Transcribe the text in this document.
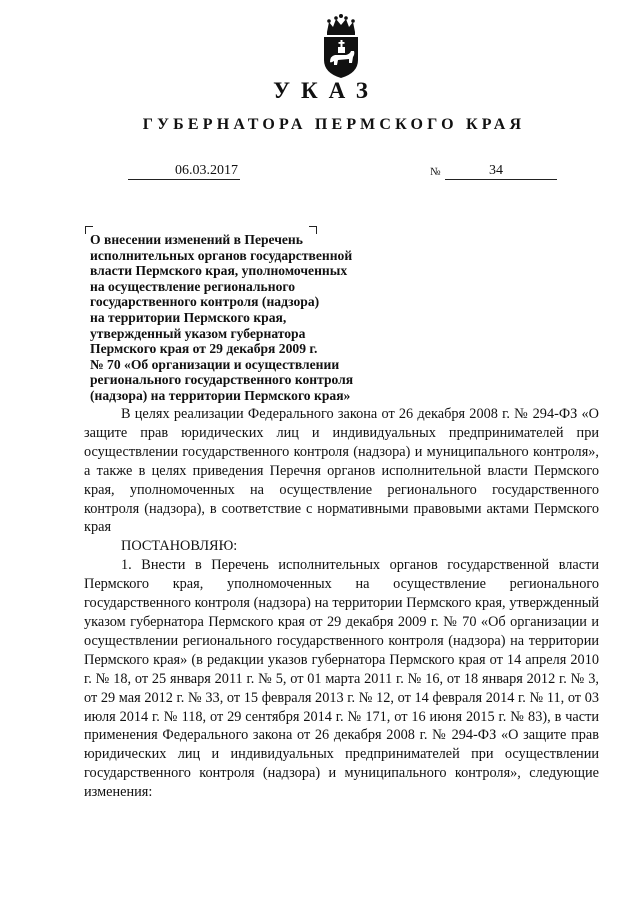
УКАЗ
ГУБЕРНАТОРА ПЕРМСКОГО КРАЯ
06.03.2017	№	34
О внесении изменений в Перечень
исполнительных органов государственной
власти Пермского края, уполномоченных
на осуществление регионального
государственного контроля (надзора)
на территории Пермского края,
утвержденный указом губернатора
Пермского края от 29 декабря 2009 г.
№ 70 «Об организации и осуществлении
регионального государственного контроля
(надзора) на территории Пермского края»

В целях реализации Федерального закона от 26 декабря 2008 г. № 294-ФЗ «О защите прав юридических лиц и индивидуальных предпринимателей при осуществлении государственного контроля (надзора) и муниципального контроля», а также в целях приведения Перечня органов исполнительной власти Пермского края, уполномоченных на осуществление регионального государственного контроля (надзора), в соответствие с нормативными правовыми актами Пермского края

ПОСТАНОВЛЯЮ:

1. Внести в Перечень исполнительных органов государственной власти Пермского края, уполномоченных на осуществление регионального государственного контроля (надзора) на территории Пермского края, утвержденный указом губернатора Пермского края от 29 декабря 2009 г. № 70 «Об организации и осуществлении регионального государственного контроля (надзора) на территории Пермского края» (в редакции указов губернатора Пермского края от 14 апреля 2010 г. № 18, от 25 января 2011 г. № 5, от 01 марта 2011 г. № 16, от 18 января 2012 г. № 3, от 29 мая 2012 г. № 33, от 15 февраля 2013 г. № 12, от 14 февраля 2014 г. № 11, от 03 июля 2014 г. № 118, от 29 сентября 2014 г. № 171, от 16 июня 2015 г. № 83), в части применения Федерального закона от 26 декабря 2008 г. № 294-ФЗ «О защите прав юридических лиц и индивидуальных предпринимателей при осуществлении государственного контроля (надзора) и муниципального контроля», следующие изменения:
